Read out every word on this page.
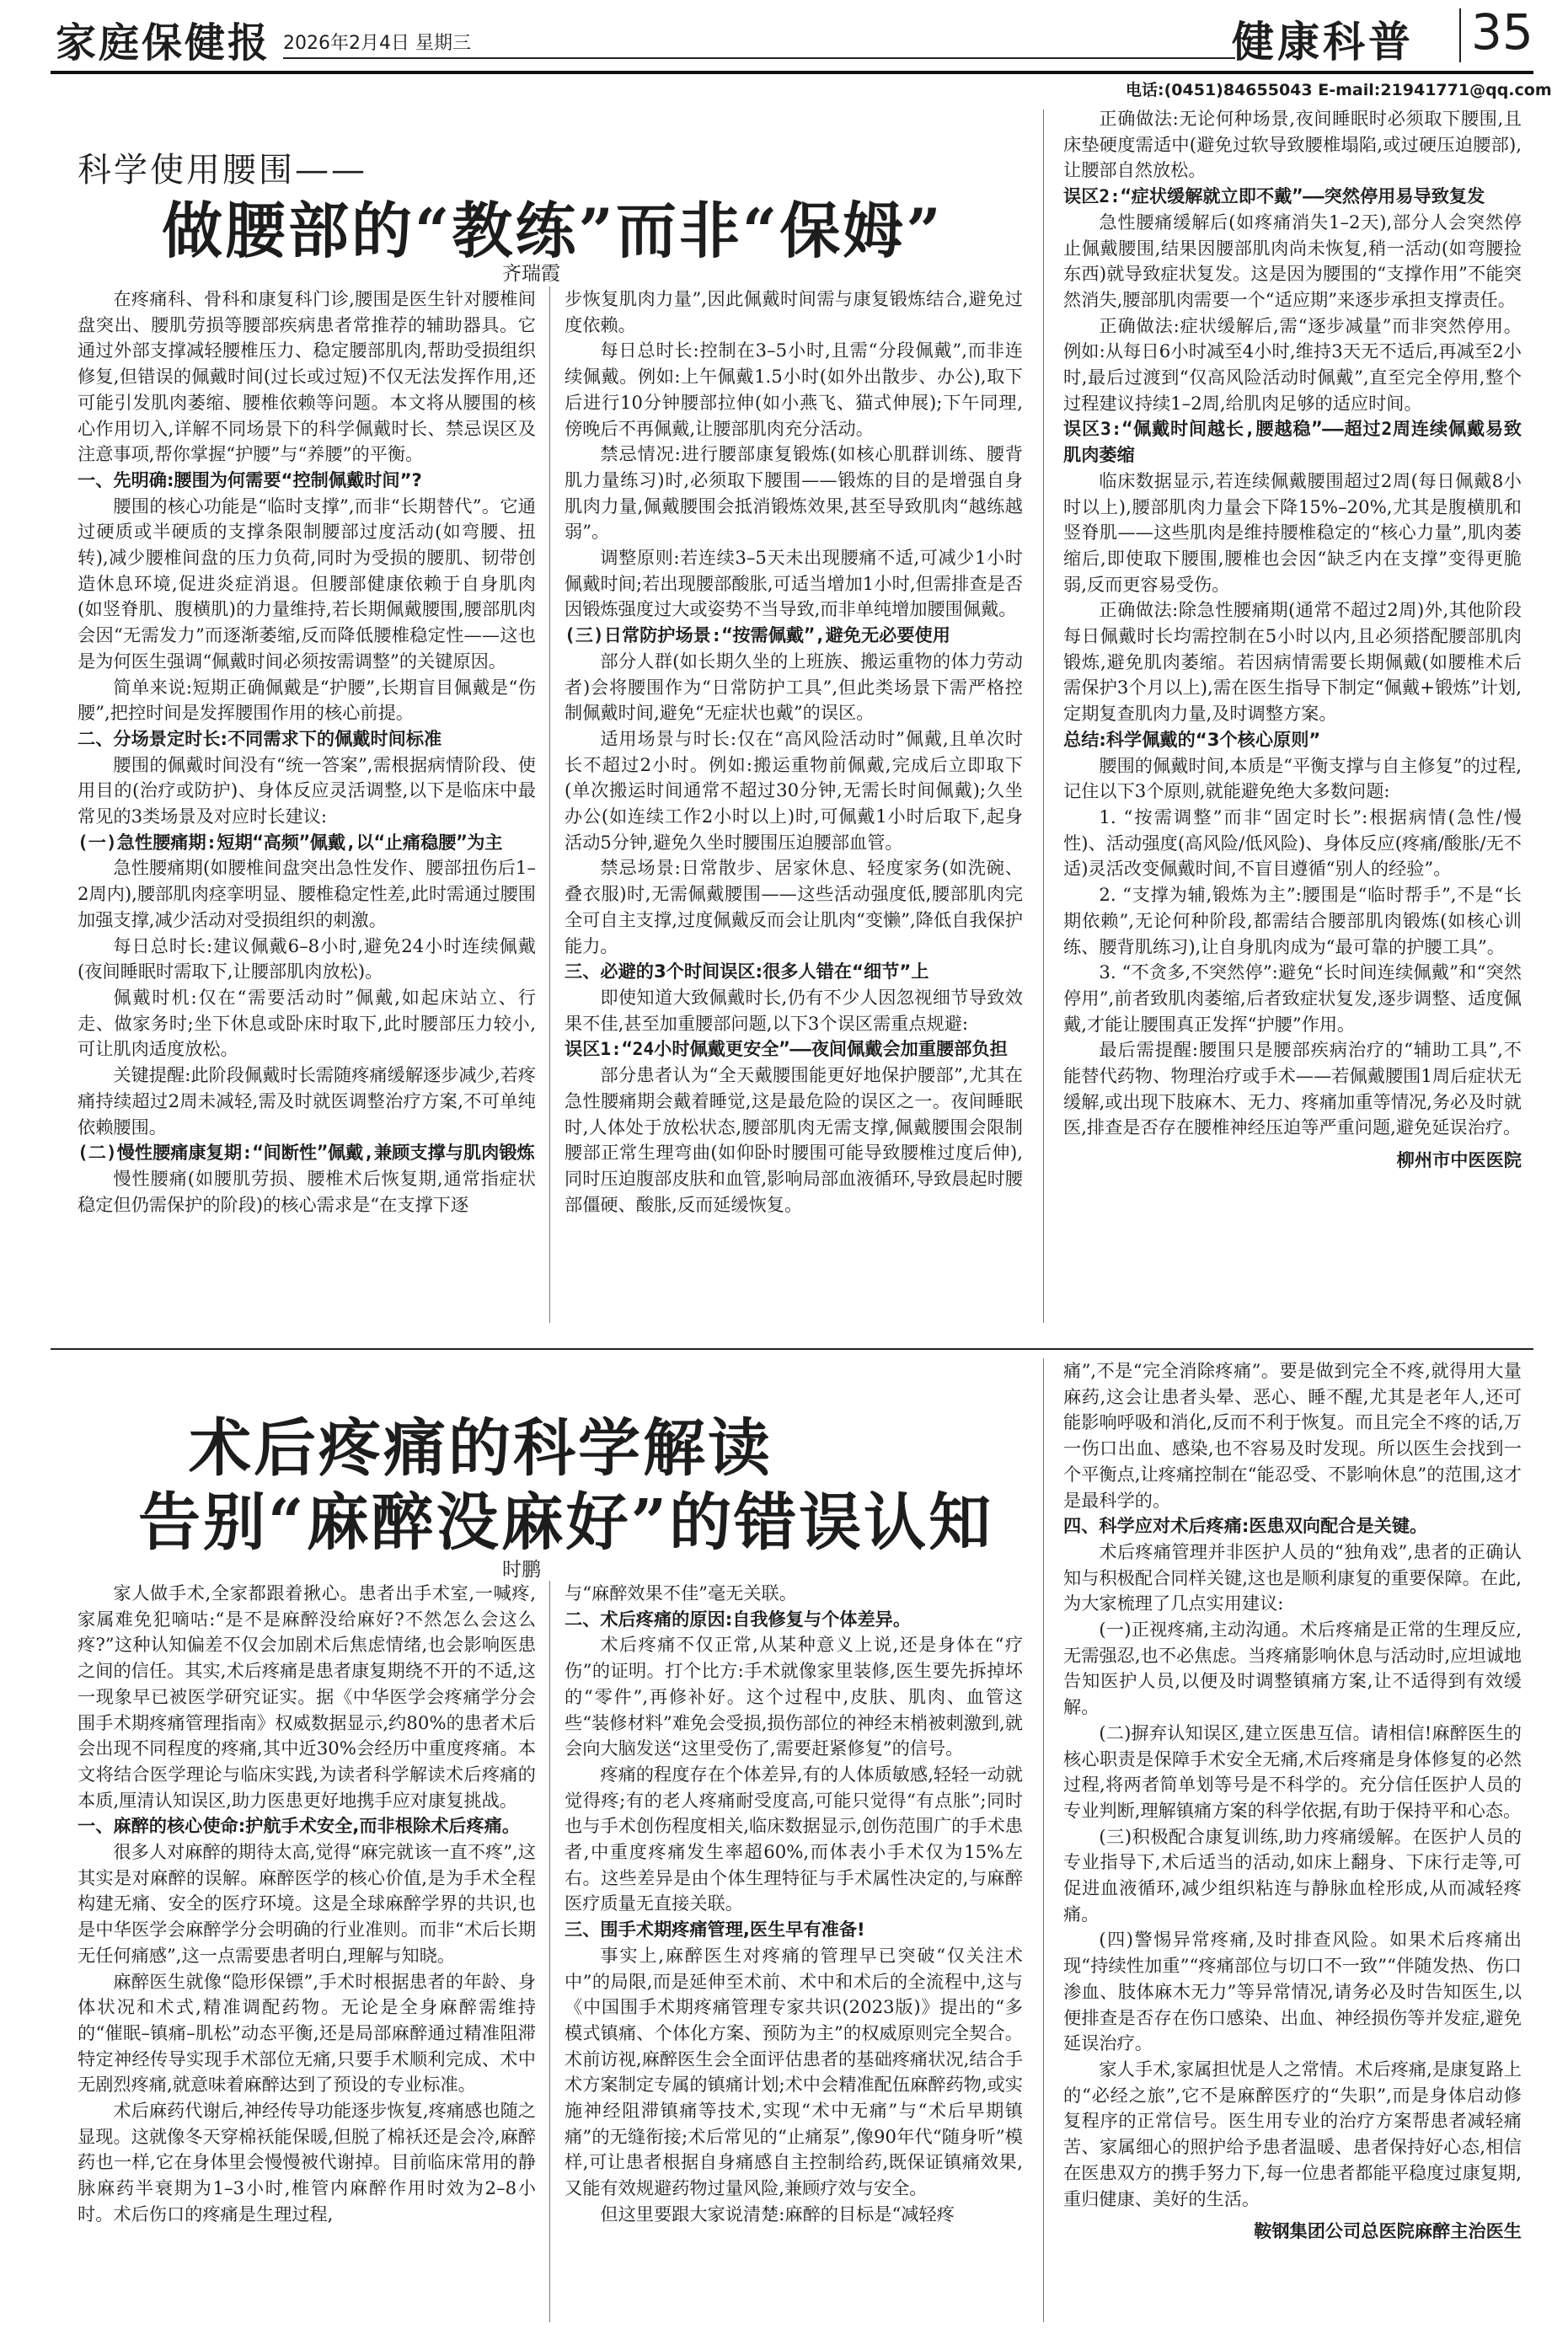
家庭保健报 2026年2月4日 星期三	健康科普 35
电话:(0451)84655043 E-mail:21941771@qq.com
科学使用腰围——
做腰部的“教练”而非“保姆”
齐瑞霞

在疼痛科、骨科和康复科门诊,腰围是医生针对腰椎间盘突出、腰肌劳损等腰部疾病患者常推荐的辅助器具。它通过外部支撑减轻腰椎压力、稳定腰部肌肉,帮助受损组织修复,但错误的佩戴时间(过长或过短)不仅无法发挥作用,还可能引发肌肉萎缩、腰椎依赖等问题。本文将从腰围的核心作用切入,详解不同场景下的科学佩戴时长、禁忌误区及注意事项,帮你掌握“护腰”与“养腰”的平衡。

一、先明确:腰围为何需要“控制佩戴时间”?

腰围的核心功能是“临时支撑”,而非“长期替代”。它通过硬质或半硬质的支撑条限制腰部过度活动(如弯腰、扭转),减少腰椎间盘的压力负荷,同时为受损的腰肌、韧带创造休息环境,促进炎症消退。但腰部健康依赖于自身肌肉(如竖脊肌、腹横肌)的力量维持,若长期佩戴腰围,腰部肌肉会因“无需发力”而逐渐萎缩,反而降低腰椎稳定性——这也是为何医生强调“佩戴时间必须按需调整”的关键原因。

简单来说:短期正确佩戴是“护腰”,长期盲目佩戴是“伤腰”,把控时间是发挥腰围作用的核心前提。

二、分场景定时长:不同需求下的佩戴时间标准

腰围的佩戴时间没有“统一答案”,需根据病情阶段、使用目的(治疗或防护)、身体反应灵活调整,以下是临床中最常见的3类场景及对应时长建议:

(一)急性腰痛期:短期“高频”佩戴,以“止痛稳腰”为主

急性腰痛期(如腰椎间盘突出急性发作、腰部扭伤后1–2周内),腰部肌肉痉挛明显、腰椎稳定性差,此时需通过腰围加强支撑,减少活动对受损组织的刺激。

每日总时长:建议佩戴6–8小时,避免24小时连续佩戴(夜间睡眠时需取下,让腰部肌肉放松)。

佩戴时机:仅在“需要活动时”佩戴,如起床站立、行走、做家务时;坐下休息或卧床时取下,此时腰部压力较小,可让肌肉适度放松。

关键提醒:此阶段佩戴时长需随疼痛缓解逐步减少,若疼痛持续超过2周未减轻,需及时就医调整治疗方案,不可单纯依赖腰围。

(二)慢性腰痛康复期:“间断性”佩戴,兼顾支撑与肌肉锻炼

慢性腰痛(如腰肌劳损、腰椎术后恢复期,通常指症状稳定但仍需保护的阶段)的核心需求是“在支撑下逐

步恢复肌肉力量”,因此佩戴时间需与康复锻炼结合,避免过度依赖。

每日总时长:控制在3–5小时,且需“分段佩戴”,而非连续佩戴。例如:上午佩戴1.5小时(如外出散步、办公),取下后进行10分钟腰部拉伸(如小燕飞、猫式伸展);下午同理,傍晚后不再佩戴,让腰部肌肉充分活动。

禁忌情况:进行腰部康复锻炼(如核心肌群训练、腰背肌力量练习)时,必须取下腰围——锻炼的目的是增强自身肌肉力量,佩戴腰围会抵消锻炼效果,甚至导致肌肉“越练越弱”。

调整原则:若连续3–5天未出现腰痛不适,可减少1小时佩戴时间;若出现腰部酸胀,可适当增加1小时,但需排查是否因锻炼强度过大或姿势不当导致,而非单纯增加腰围佩戴。

(三)日常防护场景:“按需佩戴”,避免无必要使用

部分人群(如长期久坐的上班族、搬运重物的体力劳动者)会将腰围作为“日常防护工具”,但此类场景下需严格控制佩戴时间,避免“无症状也戴”的误区。

适用场景与时长:仅在“高风险活动时”佩戴,且单次时长不超过2小时。例如:搬运重物前佩戴,完成后立即取下(单次搬运时间通常不超过30分钟,无需长时间佩戴);久坐办公(如连续工作2小时以上)时,可佩戴1小时后取下,起身活动5分钟,避免久坐时腰围压迫腰部血管。

禁忌场景:日常散步、居家休息、轻度家务(如洗碗、叠衣服)时,无需佩戴腰围——这些活动强度低,腰部肌肉完全可自主支撑,过度佩戴反而会让肌肉“变懒”,降低自我保护能力。

三、必避的3个时间误区:很多人错在“细节”上

即使知道大致佩戴时长,仍有不少人因忽视细节导致效果不佳,甚至加重腰部问题,以下3个误区需重点规避:

误区1:“24小时佩戴更安全”——夜间佩戴会加重腰部负担

部分患者认为“全天戴腰围能更好地保护腰部”,尤其在急性腰痛期会戴着睡觉,这是最危险的误区之一。夜间睡眠时,人体处于放松状态,腰部肌肉无需支撑,佩戴腰围会限制腰部正常生理弯曲(如仰卧时腰围可能导致腰椎过度后伸),同时压迫腹部皮肤和血管,影响局部血液循环,导致晨起时腰部僵硬、酸胀,反而延缓恢复。

正确做法:无论何种场景,夜间睡眠时必须取下腰围,且床垫硬度需适中(避免过软导致腰椎塌陷,或过硬压迫腰部),让腰部自然放松。

误区2:“症状缓解就立即不戴”——突然停用易导致复发

急性腰痛缓解后(如疼痛消失1–2天),部分人会突然停止佩戴腰围,结果因腰部肌肉尚未恢复,稍一活动(如弯腰捡东西)就导致症状复发。这是因为腰围的“支撑作用”不能突然消失,腰部肌肉需要一个“适应期”来逐步承担支撑责任。

正确做法:症状缓解后,需“逐步减量”而非突然停用。例如:从每日6小时减至4小时,维持3天无不适后,再减至2小时,最后过渡到“仅高风险活动时佩戴”,直至完全停用,整个过程建议持续1–2周,给肌肉足够的适应时间。

误区3:“佩戴时间越长,腰越稳”——超过2周连续佩戴易致肌肉萎缩

临床数据显示,若连续佩戴腰围超过2周(每日佩戴8小时以上),腰部肌肉力量会下降15%–20%,尤其是腹横肌和竖脊肌——这些肌肉是维持腰椎稳定的“核心力量”,肌肉萎缩后,即使取下腰围,腰椎也会因“缺乏内在支撑”变得更脆弱,反而更容易受伤。

正确做法:除急性腰痛期(通常不超过2周)外,其他阶段每日佩戴时长均需控制在5小时以内,且必须搭配腰部肌肉锻炼,避免肌肉萎缩。若因病情需要长期佩戴(如腰椎术后需保护3个月以上),需在医生指导下制定“佩戴+锻炼”计划,定期复查肌肉力量,及时调整方案。

总结:科学佩戴的“3个核心原则”

腰围的佩戴时间,本质是“平衡支撑与自主修复”的过程,记住以下3个原则,就能避免绝大多数问题:

1. “按需调整”而非“固定时长”:根据病情(急性/慢性)、活动强度(高风险/低风险)、身体反应(疼痛/酸胀/无不适)灵活改变佩戴时间,不盲目遵循“别人的经验”。

2. “支撑为辅,锻炼为主”:腰围是“临时帮手”,不是“长期依赖”,无论何种阶段,都需结合腰部肌肉锻炼(如核心训练、腰背肌练习),让自身肌肉成为“最可靠的护腰工具”。

3. “不贪多,不突然停”:避免“长时间连续佩戴”和“突然停用”,前者致肌肉萎缩,后者致症状复发,逐步调整、适度佩戴,才能让腰围真正发挥“护腰”作用。

最后需提醒:腰围只是腰部疾病治疗的“辅助工具”,不能替代药物、物理治疗或手术——若佩戴腰围1周后症状无缓解,或出现下肢麻木、无力、疼痛加重等情况,务必及时就医,排查是否存在腰椎神经压迫等严重问题,避免延误治疗。

柳州市中医医院

术后疼痛的科学解读
告别“麻醉没麻好”的错误认知
时鹏

家人做手术,全家都跟着揪心。患者出手术室,一喊疼,家属难免犯嘀咕:“是不是麻醉没给麻好?不然怎么会这么疼?”这种认知偏差不仅会加剧术后焦虑情绪,也会影响医患之间的信任。其实,术后疼痛是患者康复期绕不开的不适,这一现象早已被医学研究证实。据《中华医学会疼痛学分会围手术期疼痛管理指南》权威数据显示,约80%的患者术后会出现不同程度的疼痛,其中近30%会经历中重度疼痛。本文将结合医学理论与临床实践,为读者科学解读术后疼痛的本质,厘清认知误区,助力医患更好地携手应对康复挑战。

一、麻醉的核心使命:护航手术安全,而非根除术后疼痛。

很多人对麻醉的期待太高,觉得“麻完就该一直不疼”,这其实是对麻醉的误解。麻醉医学的核心价值,是为手术全程构建无痛、安全的医疗环境。这是全球麻醉学界的共识,也是中华医学会麻醉学分会明确的行业准则。而非“术后长期无任何痛感”,这一点需要患者明白,理解与知晓。

麻醉医生就像“隐形保镖”,手术时根据患者的年龄、身体状况和术式,精准调配药物。无论是全身麻醉需维持的“催眠–镇痛–肌松”动态平衡,还是局部麻醉通过精准阻滞特定神经传导实现手术部位无痛,只要手术顺利完成、术中无剧烈疼痛,就意味着麻醉达到了预设的专业标准。

术后麻药代谢后,神经传导功能逐步恢复,疼痛感也随之显现。这就像冬天穿棉袄能保暖,但脱了棉袄还是会冷,麻醉药也一样,它在身体里会慢慢被代谢掉。目前临床常用的静脉麻药半衰期为1–3小时,椎管内麻醉作用时效为2–8小时。术后伤口的疼痛是生理过程,

与“麻醉效果不佳”毫无关联。

二、术后疼痛的原因:自我修复与个体差异。

术后疼痛不仅正常,从某种意义上说,还是身体在“疗伤”的证明。打个比方:手术就像家里装修,医生要先拆掉坏的“零件”,再修补好。这个过程中,皮肤、肌肉、血管这些“装修材料”难免会受损,损伤部位的神经末梢被刺激到,就会向大脑发送“这里受伤了,需要赶紧修复”的信号。

疼痛的程度存在个体差异,有的人体质敏感,轻轻一动就觉得疼;有的老人疼痛耐受度高,可能只觉得“有点胀”;同时也与手术创伤程度相关,临床数据显示,创伤范围广的手术患者,中重度疼痛发生率超60%,而体表小手术仅为15%左右。这些差异是由个体生理特征与手术属性决定的,与麻醉医疗质量无直接关联。

三、围手术期疼痛管理,医生早有准备!

事实上,麻醉医生对疼痛的管理早已突破“仅关注术中”的局限,而是延伸至术前、术中和术后的全流程中,这与《中国围手术期疼痛管理专家共识(2023版)》提出的“多模式镇痛、个体化方案、预防为主”的权威原则完全契合。术前访视,麻醉医生会全面评估患者的基础疼痛状况,结合手术方案制定专属的镇痛计划;术中会精准配伍麻醉药物,或实施神经阻滞镇痛等技术,实现“术中无痛”与“术后早期镇痛”的无缝衔接;术后常见的“止痛泵”,像90年代“随身听”模样,可让患者根据自身痛感自主控制给药,既保证镇痛效果,又能有效规避药物过量风险,兼顾疗效与安全。

但这里要跟大家说清楚:麻醉的目标是“减轻疼

痛”,不是“完全消除疼痛”。要是做到完全不疼,就得用大量麻药,这会让患者头晕、恶心、睡不醒,尤其是老年人,还可能影响呼吸和消化,反而不利于恢复。而且完全不疼的话,万一伤口出血、感染,也不容易及时发现。所以医生会找到一个平衡点,让疼痛控制在“能忍受、不影响休息”的范围,这才是最科学的。

四、科学应对术后疼痛:医患双向配合是关键。

术后疼痛管理并非医护人员的“独角戏”,患者的正确认知与积极配合同样关键,这也是顺利康复的重要保障。在此,为大家梳理了几点实用建议:

(一)正视疼痛,主动沟通。术后疼痛是正常的生理反应,无需强忍,也不必焦虑。当疼痛影响休息与活动时,应坦诚地告知医护人员,以便及时调整镇痛方案,让不适得到有效缓解。

(二)摒弃认知误区,建立医患互信。请相信!麻醉医生的核心职责是保障手术安全无痛,术后疼痛是身体修复的必然过程,将两者简单划等号是不科学的。充分信任医护人员的专业判断,理解镇痛方案的科学依据,有助于保持平和心态。

(三)积极配合康复训练,助力疼痛缓解。在医护人员的专业指导下,术后适当的活动,如床上翻身、下床行走等,可促进血液循环,减少组织粘连与静脉血栓形成,从而减轻疼痛。

(四)警惕异常疼痛,及时排查风险。如果术后疼痛出现“持续性加重”“疼痛部位与切口不一致”“伴随发热、伤口渗血、肢体麻木无力”等异常情况,请务必及时告知医生,以便排查是否存在伤口感染、出血、神经损伤等并发症,避免延误治疗。

家人手术,家属担忧是人之常情。术后疼痛,是康复路上的“必经之旅”,它不是麻醉医疗的“失职”,而是身体启动修复程序的正常信号。医生用专业的治疗方案帮患者减轻痛苦、家属细心的照护给予患者温暖、患者保持好心态,相信在医患双方的携手努力下,每一位患者都能平稳度过康复期,重归健康、美好的生活。

鞍钢集团公司总医院麻醉主治医生
